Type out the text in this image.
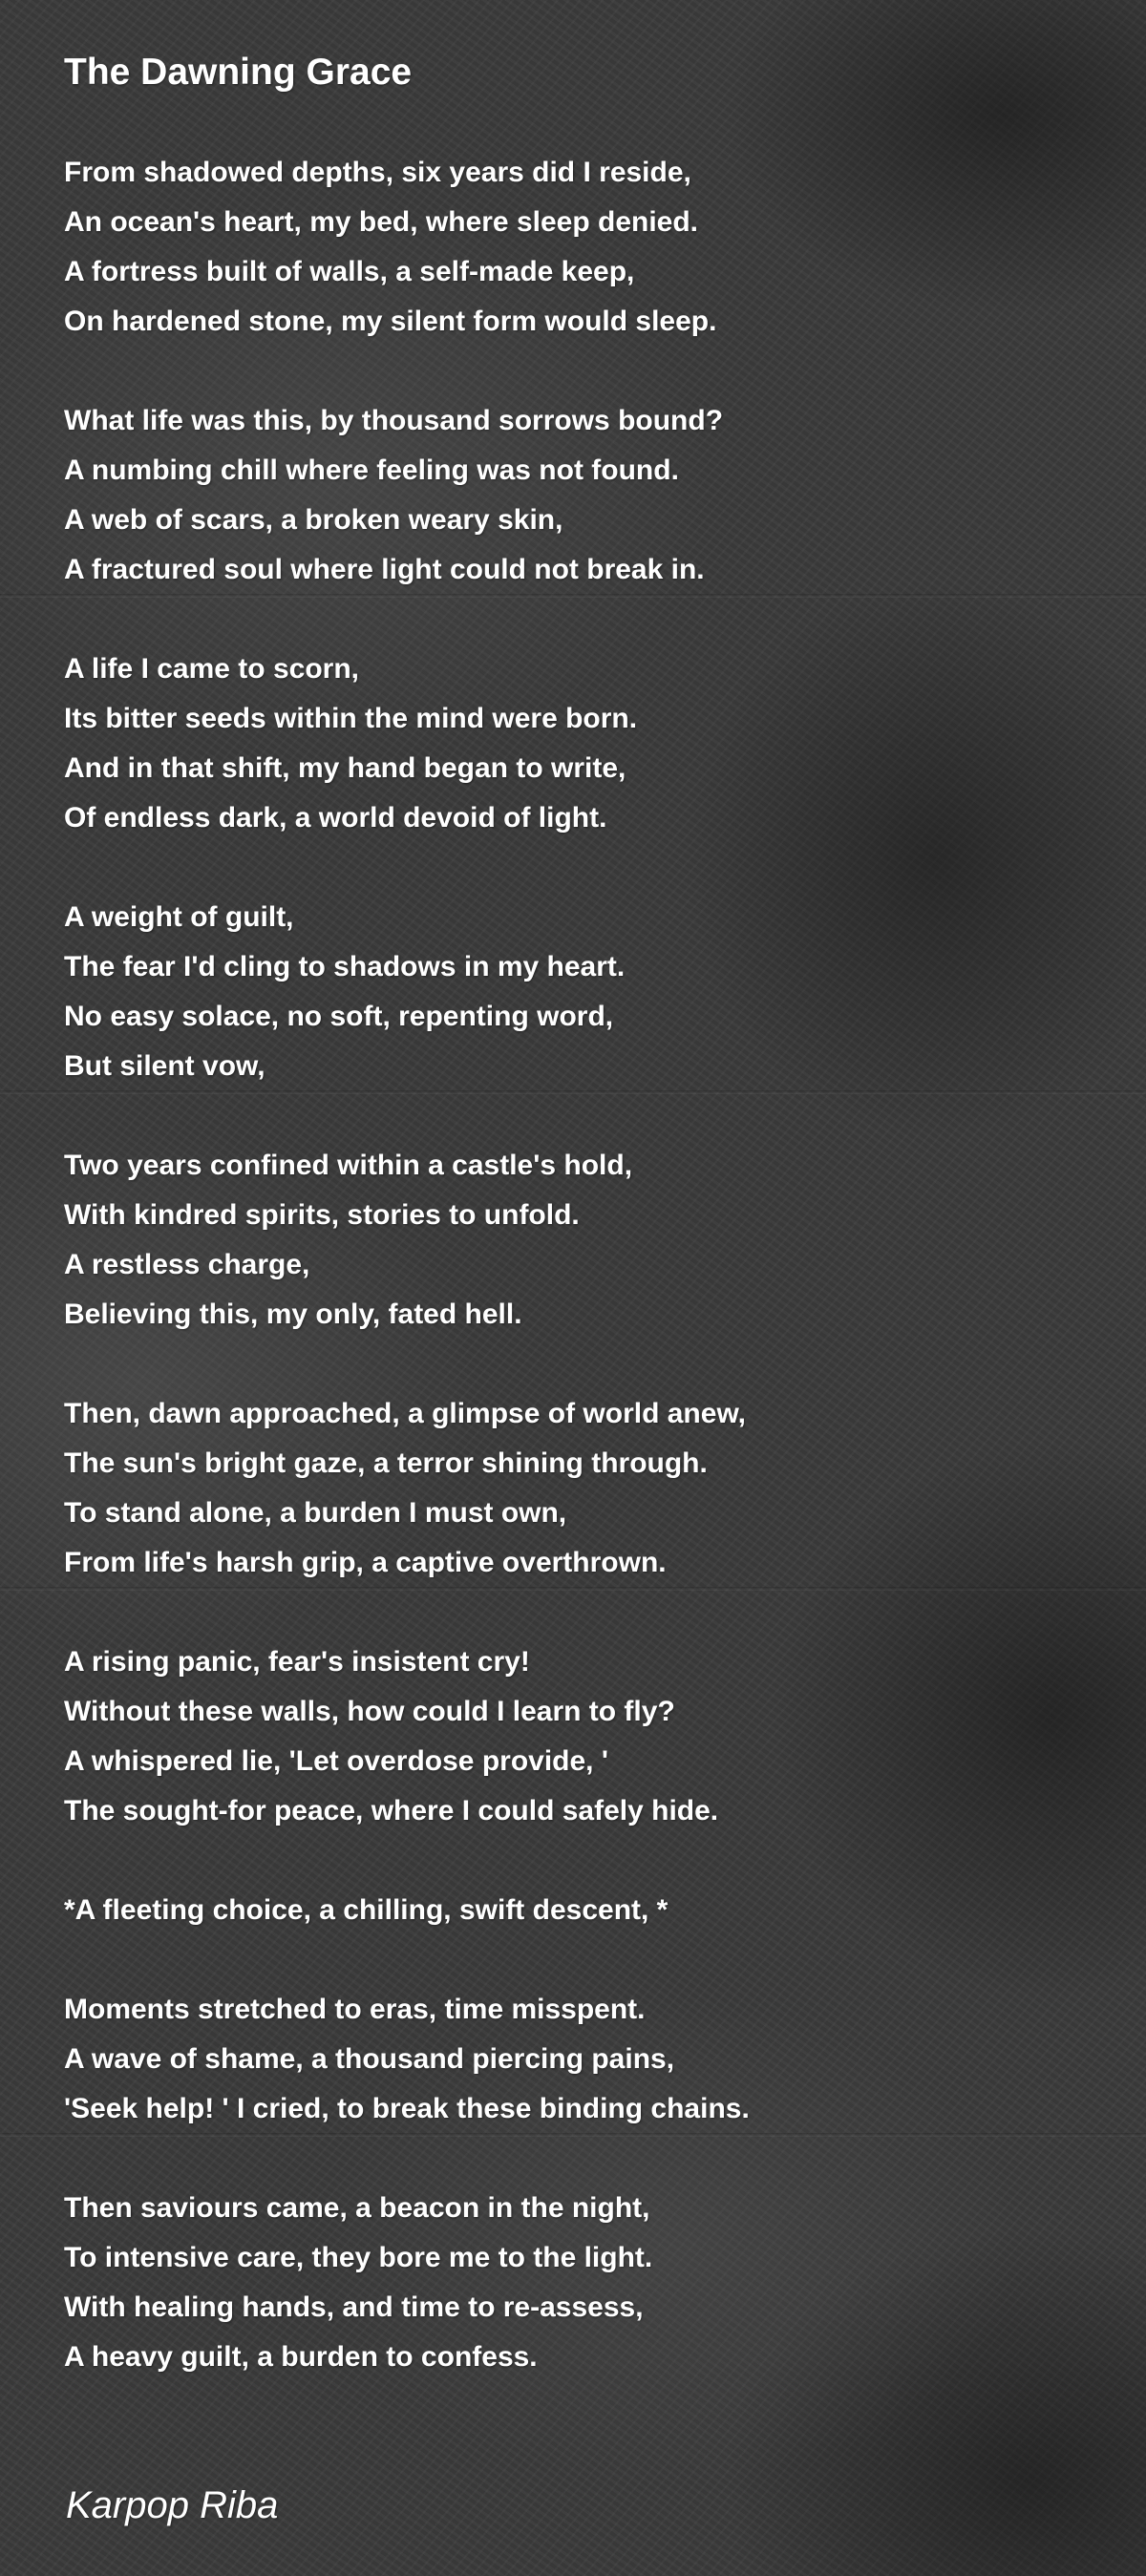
The Dawning Grace
From shadowed depths, six years did I reside,
An ocean's heart, my bed, where sleep denied.
A fortress built of walls, a self-made keep,
On hardened stone, my silent form would sleep.
What life was this, by thousand sorrows bound?
A numbing chill where feeling was not found.
A web of scars, a broken weary skin,
A fractured soul where light could not break in.
A life I came to scorn,
Its bitter seeds within the mind were born.
And in that shift, my hand began to write,
Of endless dark, a world devoid of light.
A weight of guilt,
The fear I'd cling to shadows in my heart.
No easy solace, no soft, repenting word,
But silent vow,
Two years confined within a castle's hold,
With kindred spirits, stories to unfold.
A restless charge,
Believing this, my only, fated hell.
Then, dawn approached, a glimpse of world anew,
The sun's bright gaze, a terror shining through.
To stand alone, a burden I must own,
From life's harsh grip, a captive overthrown.
A rising panic, fear's insistent cry!
Without these walls, how could I learn to fly?
A whispered lie, 'Let overdose provide, '
The sought-for peace, where I could safely hide.
*A fleeting choice, a chilling, swift descent, *
Moments stretched to eras, time misspent.
A wave of shame, a thousand piercing pains,
'Seek help! ' I cried, to break these binding chains.
Then saviours came, a beacon in the night,
To intensive care, they bore me to the light.
With healing hands, and time to re-assess,
A heavy guilt, a burden to confess.
Karpop Riba
